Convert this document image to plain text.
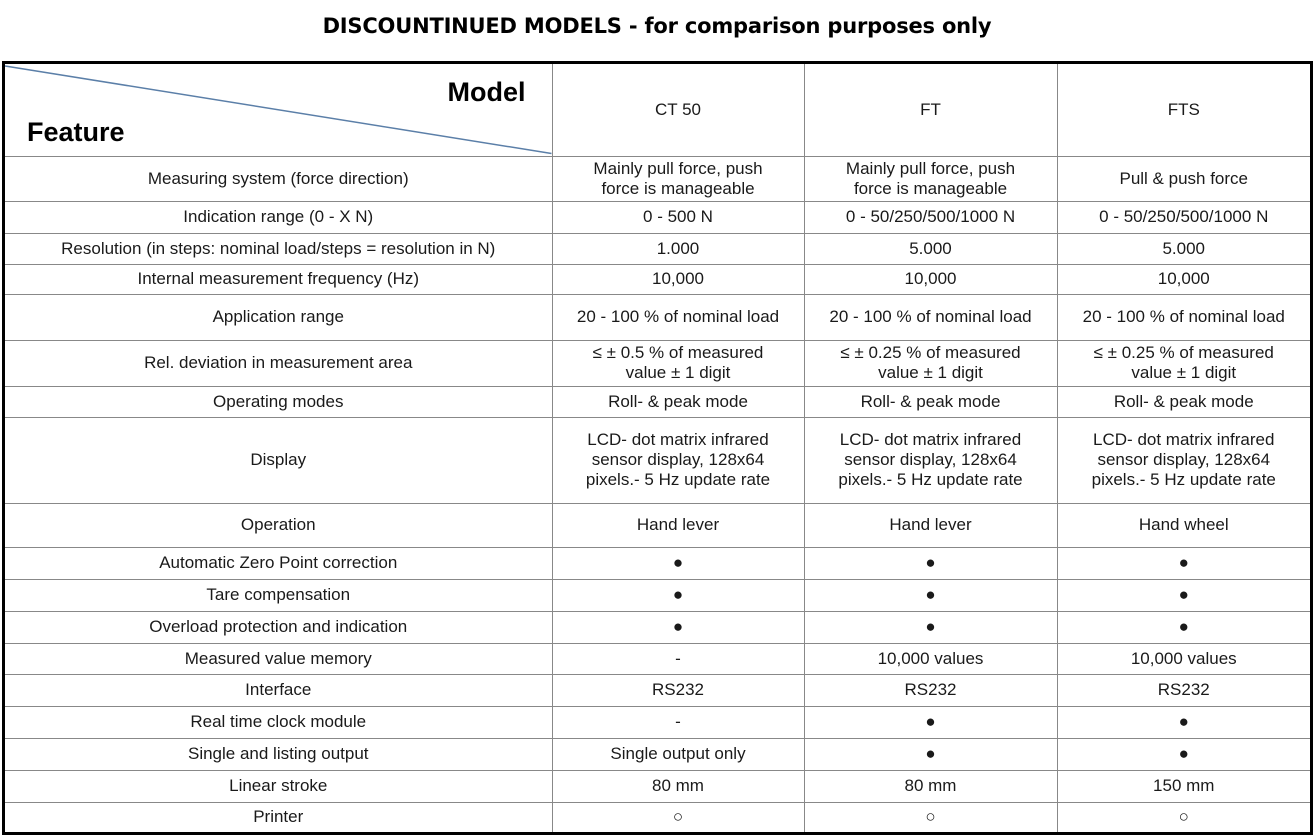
DISCOUNTINUED MODELS - for comparison purposes only
Model
Feature	CT 50	FT	FTS
Measuring system (force direction)	Mainly pull force, push force is manageable	Mainly pull force, push force is manageable	Pull & push force

Indication range (0 - X N)	0 - 500 N	0 - 50/250/500/1000 N	0 - 50/250/500/1000 N

Resolution (in steps: nominal load/steps = resolution in N)	1.000	5.000	5.000

Internal measurement frequency (Hz)	10,000	10,000	10,000

Application range	20 - 100 % of nominal load	20 - 100 % of nominal load	20 - 100 % of nominal load

Rel. deviation in measurement area	≤ ± 0.5 % of measured value ± 1 digit	≤ ± 0.25 % of measured value ± 1 digit	≤ ± 0.25 % of measured value ± 1 digit

Operating modes	Roll- & peak mode	Roll- & peak mode	Roll- & peak mode

Display	LCD- dot matrix infrared sensor display, 128x64 pixels.- 5 Hz update rate	LCD- dot matrix infrared sensor display, 128x64 pixels.- 5 Hz update rate	LCD- dot matrix infrared sensor display, 128x64 pixels.- 5 Hz update rate

Operation	Hand lever	Hand lever	Hand wheel

Automatic Zero Point correction	●	●	●

Tare compensation	●	●	●

Overload protection and indication	●	●	●

Measured value memory	-	10,000 values	10,000 values

Interface	RS232	RS232	RS232

Real time clock module	-	●	●

Single and listing output	Single output only	●	●

Linear stroke	80 mm	80 mm	150 mm

Printer	○	○	○
